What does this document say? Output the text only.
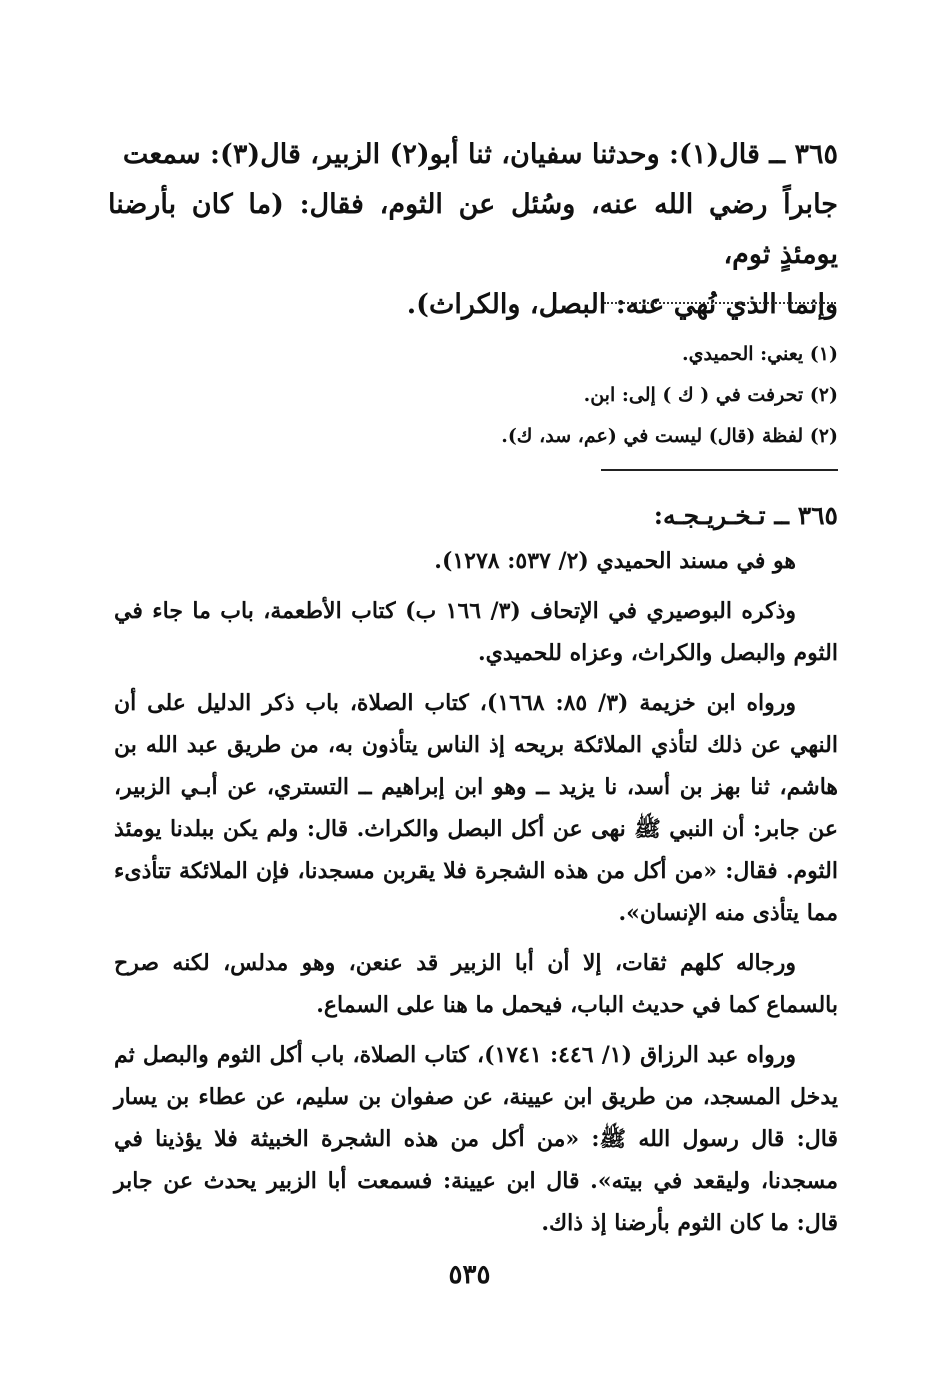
٣٦٥ ــ قال(١): وحدثنا سفيان، ثنا أبو(٢) الزبير، قال(٣): سمعت

جابراً رضي الله عنه، وسُئل عن الثوم، فقال: (ما كان بأرضنا يومئذٍ ثوم،

وإنما الذي نُهي عنه: البصل، والكراث).

(١) يعني: الحميدي.
(٢) تحرفت في ( ك ) إلى: ابن.
(٢) لفظة (قال) ليست في (عم، سد، ك).
٣٦٥ ــ تـخـريـجـه:

هو في مسند الحميدي (٢/ ٥٣٧: ١٢٧٨).

وذكره البوصيري في الإتحاف (٣/ ١٦٦ ب) كتاب الأطعمة، باب ما جاء في الثوم والبصل والكراث، وعزاه للحميدي.

ورواه ابن خزيمة (٣/ ٨٥: ١٦٦٨)، كتاب الصلاة، باب ذكر الدليل على أن النهي عن ذلك لتأذي الملائكة بريحه إذ الناس يتأذون به، من طريق عبد الله بن هاشم، ثنا بهز بن أسد، نا يزيد ــ وهو ابن إبراهيم ــ التستري، عن أبـي الزبير، عن جابر: أن النبي ﷺ نهى عن أكل البصل والكراث. قال: ولم يكن ببلدنا يومئذ الثوم. فقال: «من أكل من هذه الشجرة فلا يقربن مسجدنا، فإن الملائكة تتأذىء مما يتأذى منه الإنسان».

ورجاله كلهم ثقات، إلا أن أبا الزبير قد عنعن، وهو مدلس، لكنه صرح بالسماع كما في حديث الباب، فيحمل ما هنا على السماع.

ورواه عبد الرزاق (١/ ٤٤٦: ١٧٤١)، كتاب الصلاة، باب أكل الثوم والبصل ثم يدخل المسجد، من طريق ابن عيينة، عن صفوان بن سليم، عن عطاء بن يسار قال: قال رسول الله ﷺ: «من أكل من هذه الشجرة الخبيثة فلا يؤذينا في مسجدنا، وليقعد في بيته». قال ابن عيينة: فسمعت أبا الزبير يحدث عن جابر قال: ما كان الثوم بأرضنا إذ ذاك.

٥٣٥
